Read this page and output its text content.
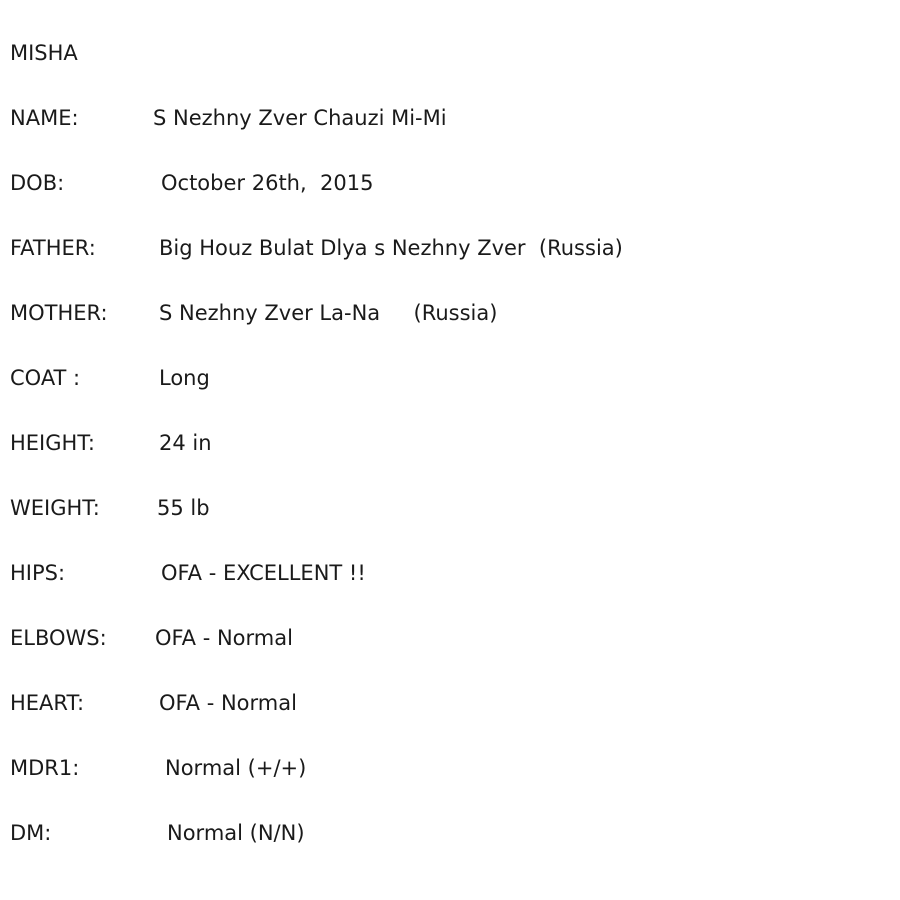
MISHA
NAME:	S Nezhny Zver Chauzi Mi-Mi
DOB:	October 26th,  2015
FATHER:	Big Houz Bulat Dlya s Nezhny Zver  (Russia)
MOTHER: S Nezhny Zver La-Na     (Russia)
COAT :	Long
HEIGHT:	24 in
WEIGHT:	55 lb
HIPS:	OFA - EXCELLENT !!
ELBOWS: OFA - Normal
HEART:	OFA - Normal
MDR1:	Normal (+/+)
DM:	Normal (N/N)
